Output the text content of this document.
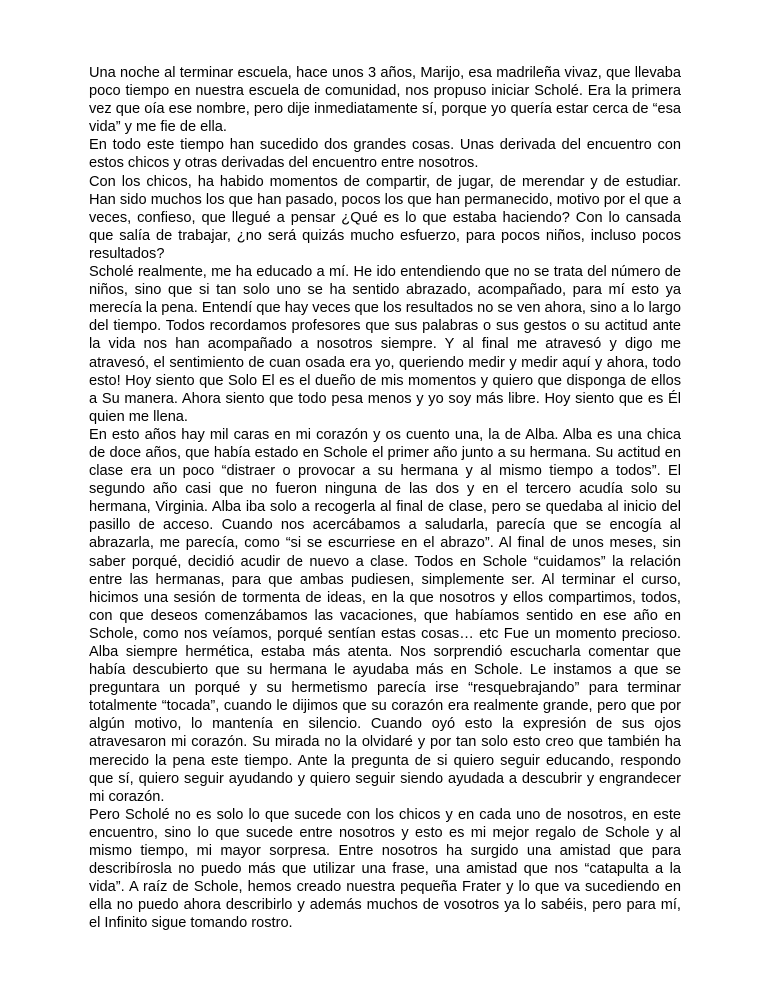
Una noche al terminar escuela, hace unos 3 años, Marijo, esa madrileña vivaz, que llevaba poco tiempo en nuestra escuela de comunidad, nos propuso iniciar Scholé. Era la primera vez que oía ese nombre, pero dije inmediatamente sí, porque yo quería estar cerca de “esa vida” y me fie de ella.

En todo este tiempo han sucedido dos grandes cosas. Unas derivada del encuentro con estos chicos y otras derivadas del encuentro entre nosotros.

Con los chicos, ha habido momentos de compartir, de jugar, de merendar y de estudiar. Han sido muchos los que han pasado, pocos los que han permanecido, motivo por el que a veces, confieso, que llegué a pensar ¿Qué es lo que estaba haciendo? Con lo cansada que salía de trabajar, ¿no será quizás mucho esfuerzo, para pocos niños, incluso pocos resultados?

Scholé realmente, me ha educado a mí. He ido entendiendo que no se trata del número de niños, sino que si tan solo uno se ha sentido abrazado, acompañado, para mí esto ya merecía la pena. Entendí que hay veces que los resultados no se ven ahora, sino a lo largo del tiempo. Todos recordamos profesores que sus palabras o sus gestos o su actitud ante la vida nos han acompañado a nosotros siempre. Y al final me atravesó y digo me atravesó, el sentimiento de cuan osada era yo, queriendo medir y medir aquí y ahora, todo esto! Hoy siento que Solo El es el dueño de mis momentos y quiero que disponga de ellos a Su manera. Ahora siento que todo pesa menos y yo soy más libre. Hoy siento que es Él quien me llena.

En esto años hay mil caras en mi corazón y os cuento una, la de Alba. Alba es una chica de doce años, que había estado en Schole el primer año junto a su hermana. Su actitud en clase era un poco “distraer o provocar a su hermana y al mismo tiempo a todos”. El segundo año casi que no fueron ninguna de las dos y en el tercero acudía solo su hermana, Virginia. Alba iba solo a recogerla al final de clase, pero se quedaba al inicio del pasillo de acceso. Cuando nos acercábamos a saludarla, parecía que se encogía al abrazarla, me parecía, como “si se escurriese en el abrazo”. Al final de unos meses, sin saber porqué, decidió acudir de nuevo a clase. Todos en Schole “cuidamos” la relación entre las hermanas, para que ambas pudiesen, simplemente ser. Al terminar el curso, hicimos una sesión de tormenta de ideas, en la que nosotros y ellos compartimos, todos, con que deseos comenzábamos las vacaciones, que habíamos sentido en ese año en Schole, como nos veíamos, porqué sentían estas cosas… etc Fue un momento precioso. Alba siempre hermética, estaba más atenta. Nos sorprendió escucharla comentar que había descubierto que su hermana le ayudaba más en Schole. Le instamos a que se preguntara un porqué y su hermetismo parecía irse “resquebrajando” para terminar totalmente “tocada”, cuando le dijimos que su corazón era realmente grande, pero que por algún motivo, lo mantenía en silencio. Cuando oyó esto la expresión de sus ojos atravesaron mi corazón. Su mirada no la olvidaré y por tan solo esto creo que también ha merecido la pena este tiempo. Ante la pregunta de si quiero seguir educando, respondo que sí, quiero seguir ayudando y quiero seguir siendo ayudada a descubrir y engrandecer mi corazón.

Pero Scholé no es solo lo que sucede con los chicos y en cada uno de nosotros, en este encuentro, sino lo que sucede entre nosotros y esto es mi mejor regalo de Schole y al mismo tiempo, mi mayor sorpresa. Entre nosotros ha surgido una amistad que para describírosla no puedo más que utilizar una frase, una amistad que nos “catapulta a la vida”. A raíz de Schole, hemos creado nuestra pequeña Frater y lo que va sucediendo en ella no puedo ahora describirlo y además muchos de vosotros ya lo sabéis, pero para mí, el Infinito sigue tomando rostro.
